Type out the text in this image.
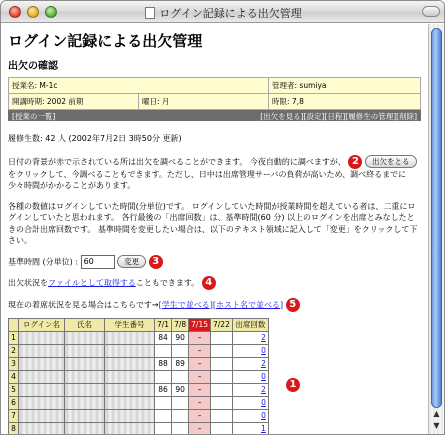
ログイン記録による出欠管理
ログイン記録による出欠管理
出欠の確認
授業名: M-1c		管理者: sumiya
開講時期: 2002 前期	曜日: 月	時限: 7,8
[授業の一覧]	[出欠を見る][設定][日程][履修生の管理][削除]

履修生数: 42 人 (2002年7月2日 3時50分 更新)

日付の背景が赤で示されている所は出欠を調べることができます。 今夜自動的に調べますが、 2 出欠をとるをクリックして、今調べることもできます。ただし、日中は出席管理サーバの負荷が高いため、調べ終るまでに少々時間がかかることがあります。

各種の数値はログインしていた時間(分単位)です。 ログインしていた時間が授業時間を超えている者は、二重にログインしていたと思われます。 各行最後の「出席回数」は、基準時間(60 分) 以上のログインを出席とみなしたときの合計出席回数です。 基準時間を変更したい場合は、以下のテキスト領域に記入して「変更」をクリックして下さい。

基準時間 (分単位) : 60	変更 3

出欠状況をファイルとして取得することもできます。 4

現在の着席状況を見る場合はこちらです→[学生で並べる][ホスト名で並べる] 5

	ログイン名	氏名	学生番号	7/1	7/8	7/15	7/22	出席回数
1				84	90	–		2
2						–		0
3				88	89	–		2
4						–		0
5				86	90	–		2
6						–		0
7						–		0
8						–		1
1
▲
▼
